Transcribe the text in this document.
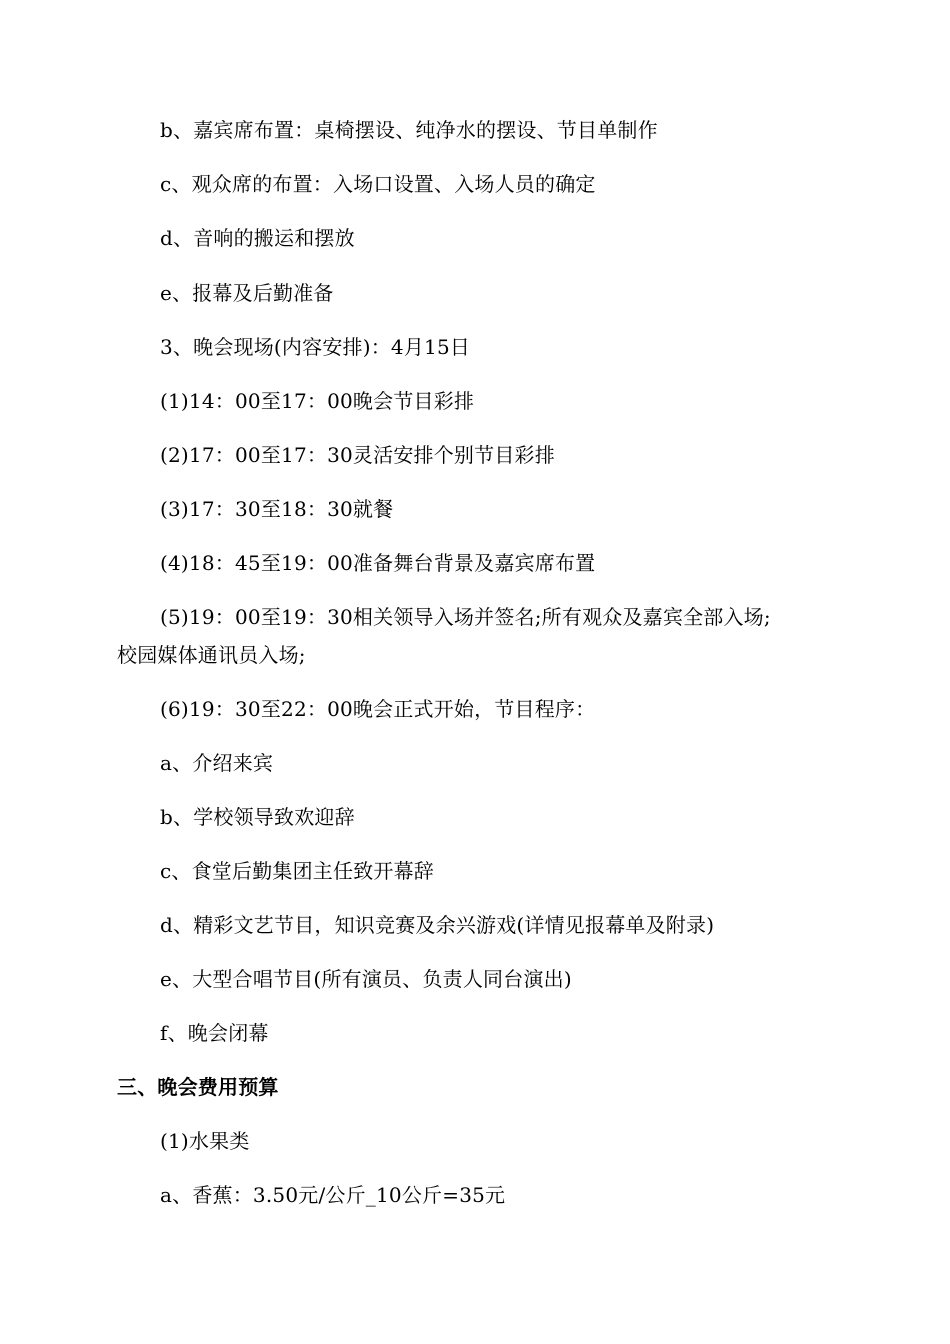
b、嘉宾席布置：桌椅摆设、纯净水的摆设、节目单制作
c、观众席的布置：入场口设置、入场人员的确定
d、音响的搬运和摆放
e、报幕及后勤准备
3、晚会现场(内容安排)：4月15日
(1)14：00至17：00晚会节目彩排
(2)17：00至17：30灵活安排个别节目彩排
(3)17：30至18：30就餐
(4)18：45至19：00准备舞台背景及嘉宾席布置
(5)19：00至19：30相关领导入场并签名;所有观众及嘉宾全部入场;
校园媒体通讯员入场;
(6)19：30至22：00晚会正式开始，节目程序：
a、介绍来宾
b、学校领导致欢迎辞
c、食堂后勤集团主任致开幕辞
d、精彩文艺节目，知识竞赛及余兴游戏(详情见报幕单及附录)
e、大型合唱节目(所有演员、负责人同台演出)
f、晚会闭幕
三、晚会费用预算
(1)水果类
a、香蕉：3.50元/公斤_10公斤=35元
